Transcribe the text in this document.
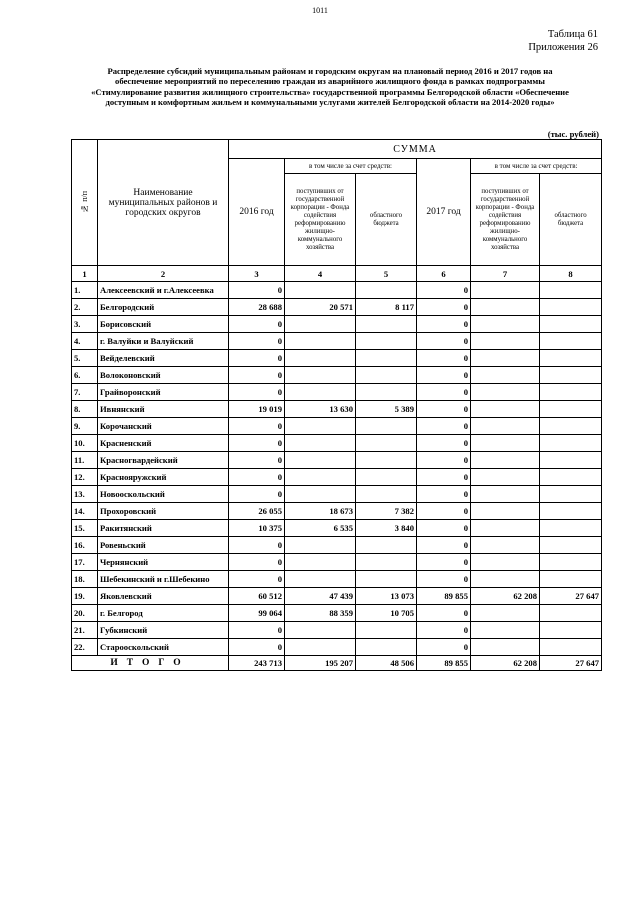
1011
Таблица 61
Приложения 26
Распределение субсидий муниципальным районам и городским округам на плановый период 2016 и 2017 годов на
обеспечение мероприятий по переселению граждан из аварийного жилищного фонда в рамках подпрограммы
«Стимулирование развития жилищного строительства» государственной программы Белгородской области «Обеспечение
доступным и комфортным жильем и коммунальными услугами жителей Белгородской области на 2014-2020 годы»
(тыс. рублей)
№ п/п	Наименование муниципальных районов и городских округов	СУММА					
		2016 год	в том числе за счет средств:		2017 год	в том числе за счет средств:	
			поступивших от государственной корпорации - Фонда содействия реформированию жилищно-коммунального хозяйства	областного бюджета		поступивших от государственной корпорации - Фонда содействия реформированию жилищно-коммунального хозяйства	областного бюджета
1	2	3	4	5	6	7	8
1.	Алексеевский и г.Алексеевка	0			0		
2.	Белгородский	28 688	20 571	8 117	0		
3.	Борисовский	0			0		
4.	г. Валуйки и Валуйский	0			0		
5.	Вейделевский	0			0		
6.	Волоконовский	0			0		
7.	Грайворонский	0			0		
8.	Ивнянский	19 019	13 630	5 389	0		
9.	Корочанский	0			0		
10.	Красненский	0			0		
11.	Красногвардейский	0			0		
12.	Краснояружский	0			0		
13.	Новооскольский	0			0		
14.	Прохоровский	26 055	18 673	7 382	0		
15.	Ракитянский	10 375	6 535	3 840	0		
16.	Ровеньский	0			0		
17.	Чернянский	0			0		
18.	Шебекинский и г.Шебекино	0			0		
19.	Яковлевский	60 512	47 439	13 073	89 855	62 208	27 647
20.	г. Белгород	99 064	88 359	10 705	0		
21.	Губкинский	0			0		
22.	Старооскольский	0			0		
ИТОГО		243 713	195 207	48 506	89 855	62 208	27 647
